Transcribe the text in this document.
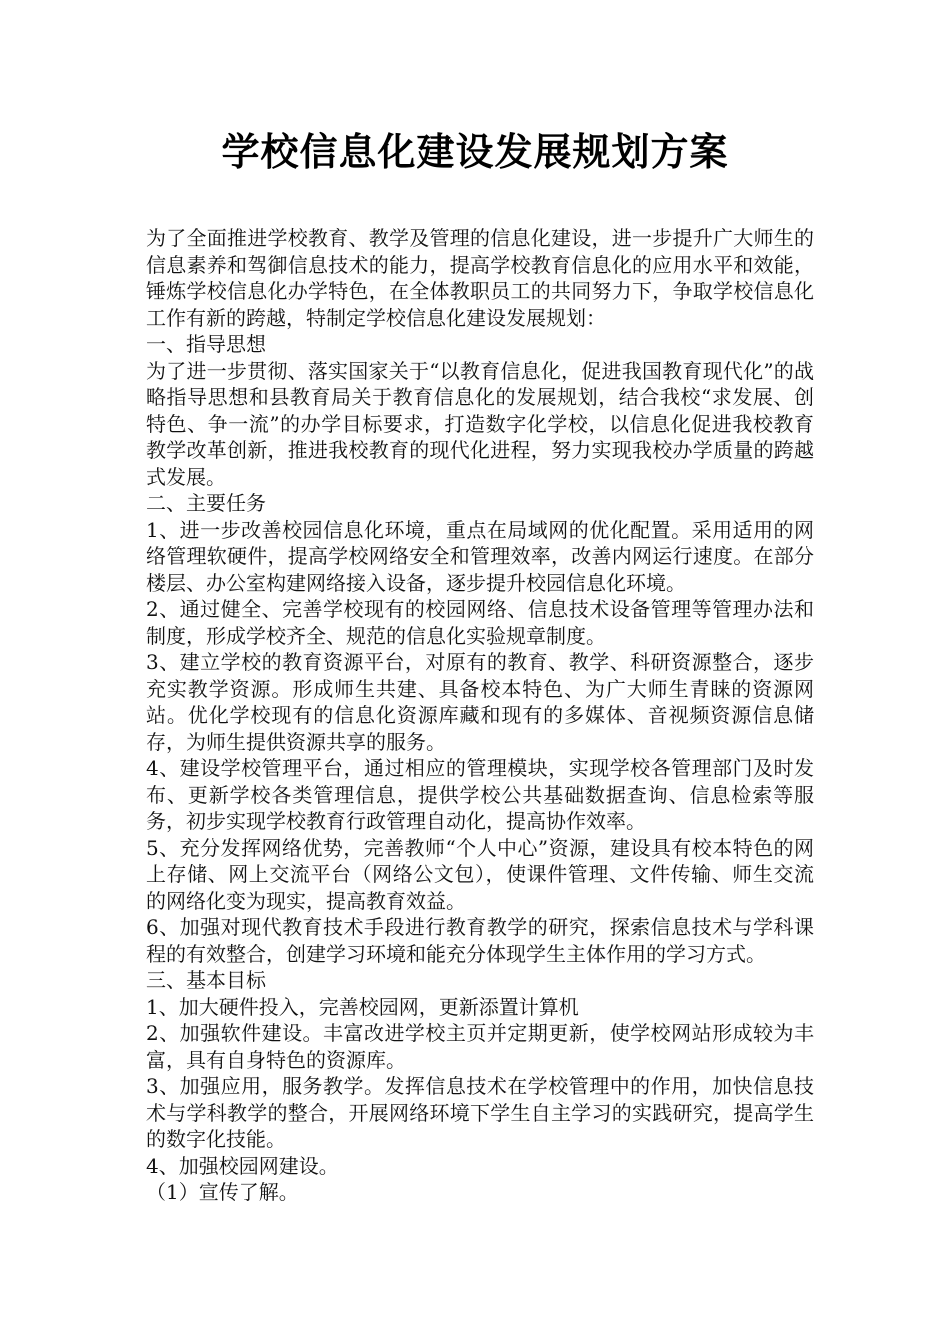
学校信息化建设发展规划方案

为了全面推进学校教育、教学及管理的信息化建设，进一步提升广大师生的信息素养和驾御信息技术的能力，提高学校教育信息化的应用水平和效能，锤炼学校信息化办学特色，在全体教职员工的共同努力下，争取学校信息化工作有新的跨越，特制定学校信息化建设发展规划：

一、指导思想

为了进一步贯彻、落实国家关于“以教育信息化，促进我国教育现代化”的战略指导思想和县教育局关于教育信息化的发展规划，结合我校“求发展、创特色、争一流”的办学目标要求，打造数字化学校，以信息化促进我校教育教学改革创新，推进我校教育的现代化进程，努力实现我校办学质量的跨越式发展。

二、主要任务

1、进一步改善校园信息化环境，重点在局域网的优化配置。采用适用的网络管理软硬件，提高学校网络安全和管理效率，改善内网运行速度。在部分楼层、办公室构建网络接入设备，逐步提升校园信息化环境。

2、通过健全、完善学校现有的校园网络、信息技术设备管理等管理办法和制度，形成学校齐全、规范的信息化实验规章制度。

3、建立学校的教育资源平台，对原有的教育、教学、科研资源整合，逐步充实教学资源。形成师生共建、具备校本特色、为广大师生青睐的资源网站。优化学校现有的信息化资源库藏和现有的多媒体、音视频资源信息储存，为师生提供资源共享的服务。

4、建设学校管理平台，通过相应的管理模块，实现学校各管理部门及时发布、更新学校各类管理信息，提供学校公共基础数据查询、信息检索等服务，初步实现学校教育行政管理自动化，提高协作效率。

5、充分发挥网络优势，完善教师“个人中心”资源，建设具有校本特色的网上存储、网上交流平台（网络公文包），使课件管理、文件传输、师生交流的网络化变为现实，提高教育效益。

6、加强对现代教育技术手段进行教育教学的研究，探索信息技术与学科课程的有效整合，创建学习环境和能充分体现学生主体作用的学习方式。

三、基本目标

1、加大硬件投入，完善校园网，更新添置计算机

2、加强软件建设。丰富改进学校主页并定期更新，使学校网站形成较为丰富，具有自身特色的资源库。

3、加强应用，服务教学。发挥信息技术在学校管理中的作用，加快信息技术与学科教学的整合，开展网络环境下学生自主学习的实践研究，提高学生的数字化技能。

4、加强校园网建设。

（1）宣传了解。
